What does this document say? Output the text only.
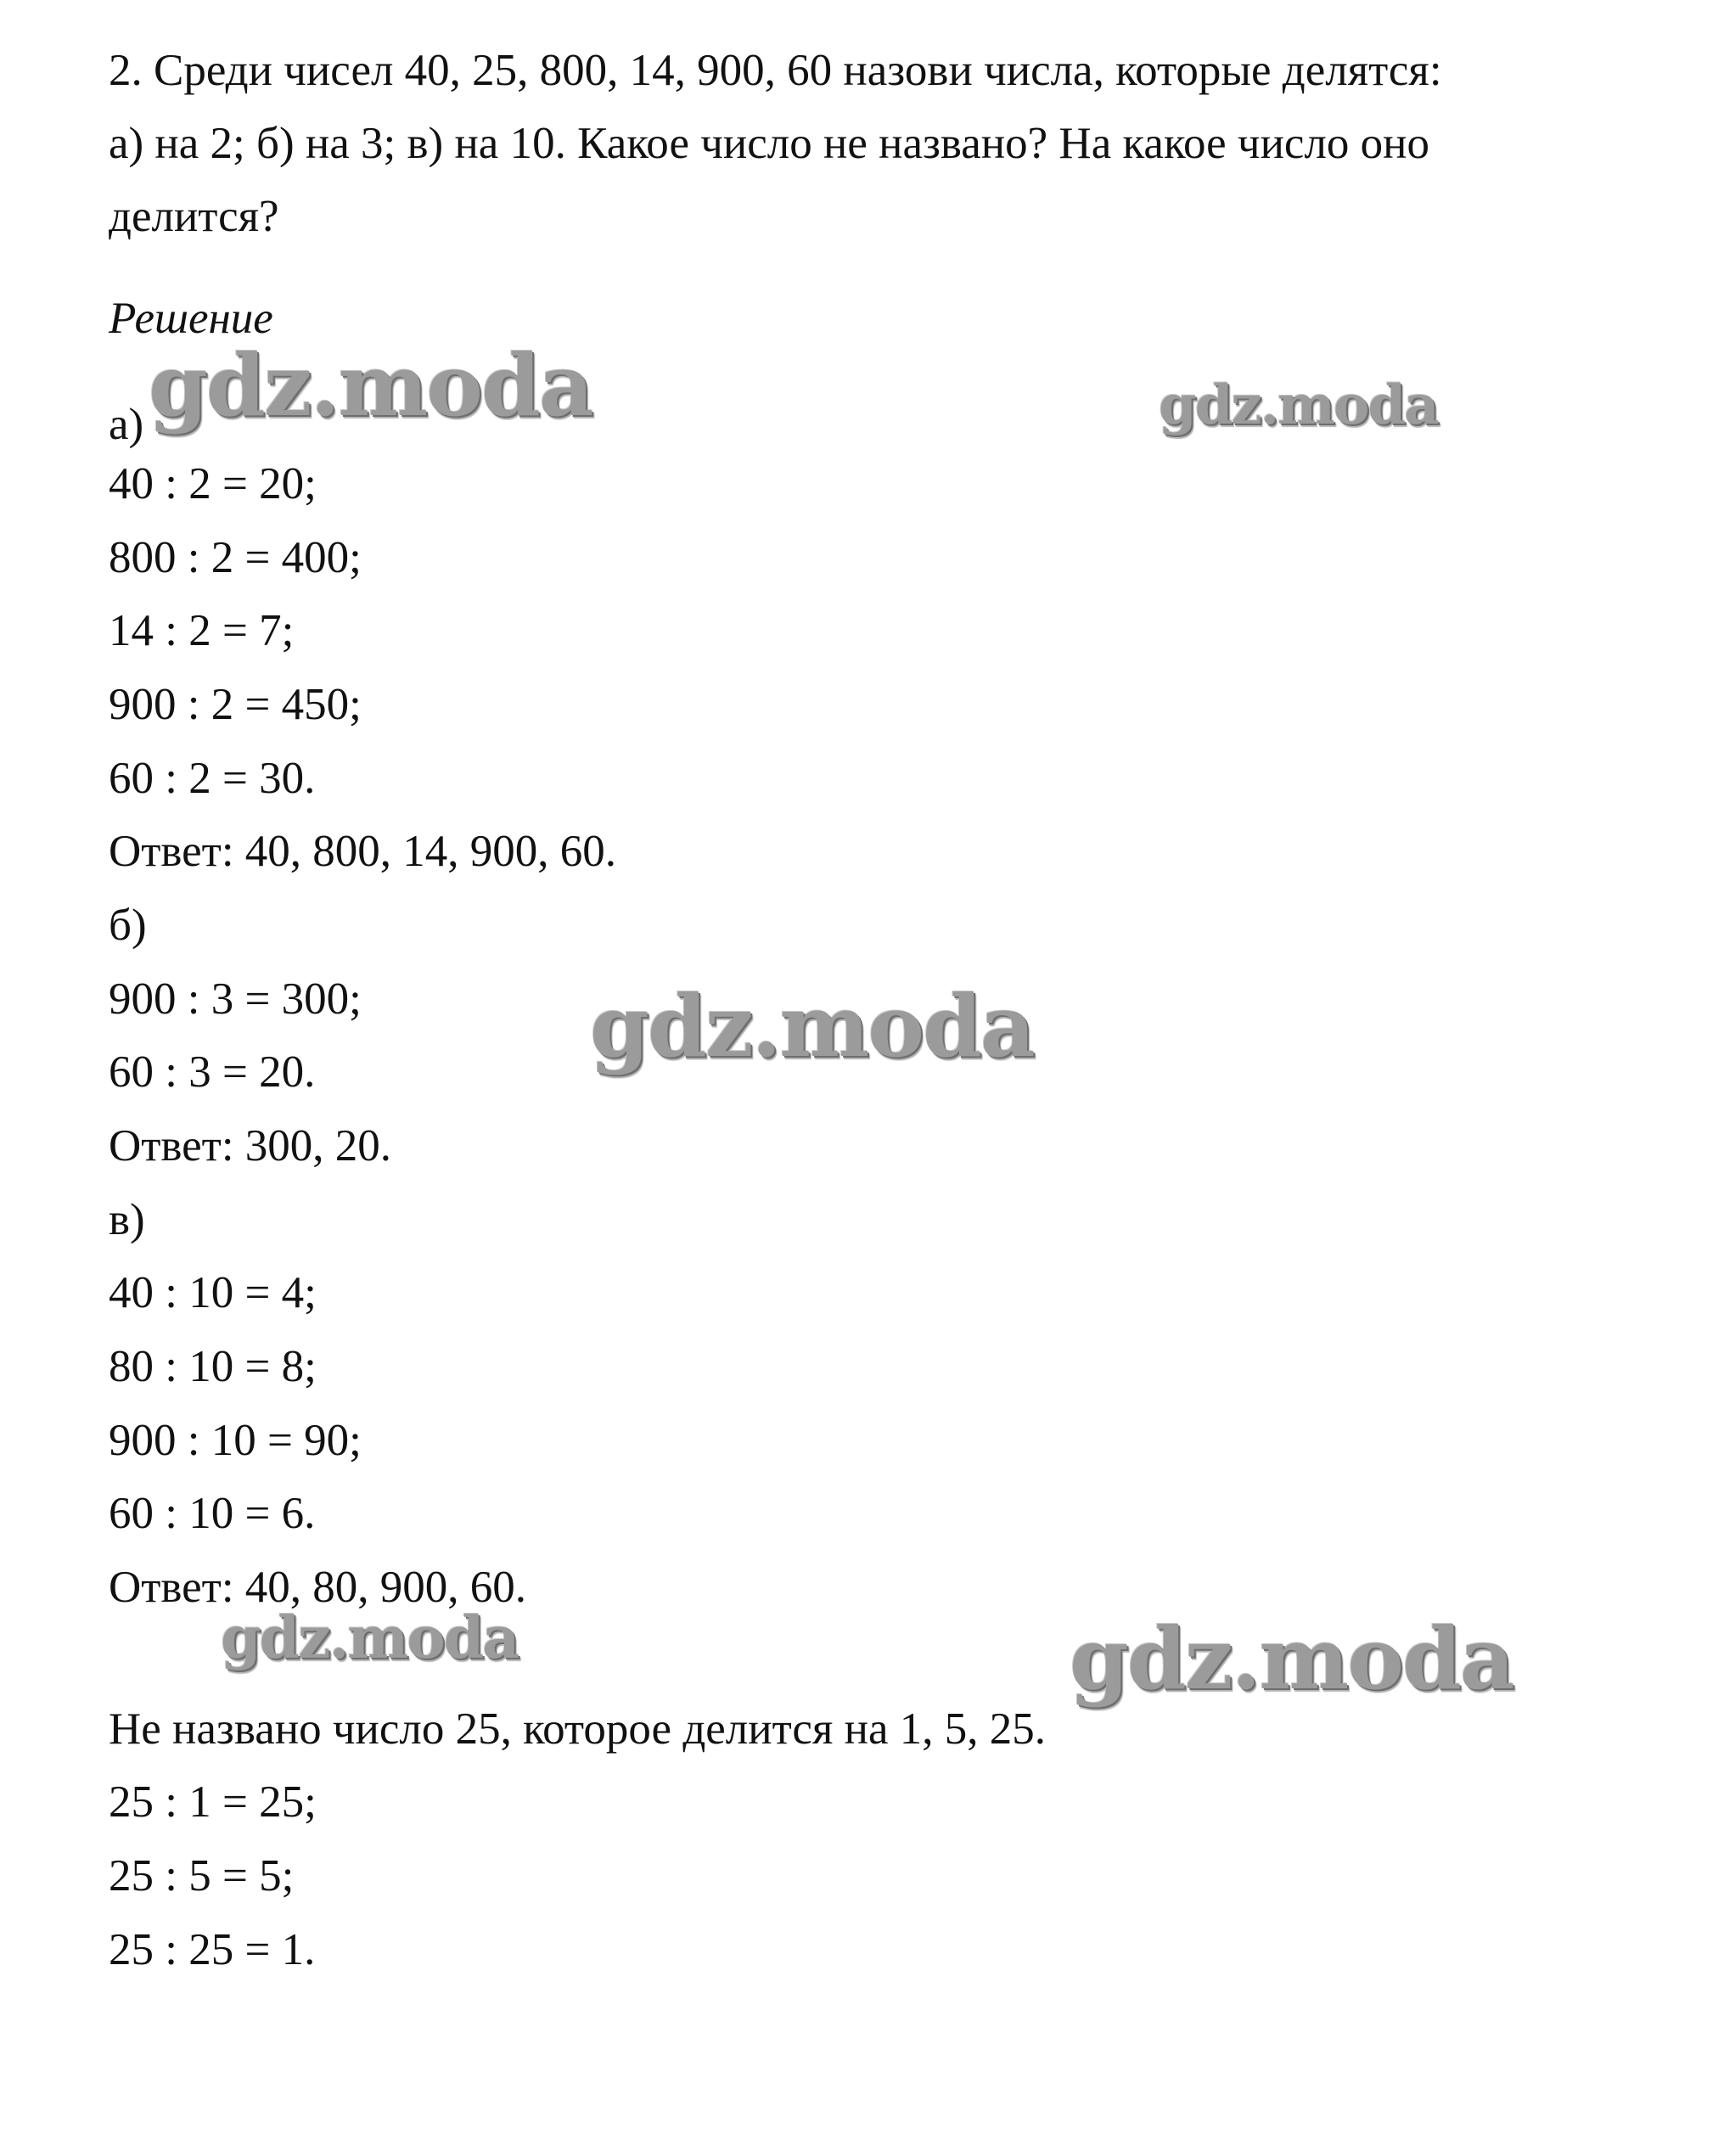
2. Среди чисел 40, 25, 800, 14, 900, 60 назови числа, которые делятся:

а) на 2; б) на 3; в) на 10. Какое число не названо? На какое число оно

делится?

Решение
а)
40 : 2 = 20;
800 : 2 = 400;
14 : 2 = 7;
900 : 2 = 450;
60 : 2 = 30.
Ответ: 40, 800, 14, 900, 60.
б)
900 : 3 = 300;
60 : 3 = 20.
Ответ: 300, 20.
в)
40 : 10 = 4;
80 : 10 = 8;
900 : 10 = 90;
60 : 10 = 6.
Ответ: 40, 80, 900, 60.
Не названо число 25, которое делится на 1, 5, 25.
25 : 1 = 25;
25 : 5 = 5;
25 : 25 = 1.
gdz.moda	gdz.moda
gdz.moda
gdz.moda	gdz.moda
